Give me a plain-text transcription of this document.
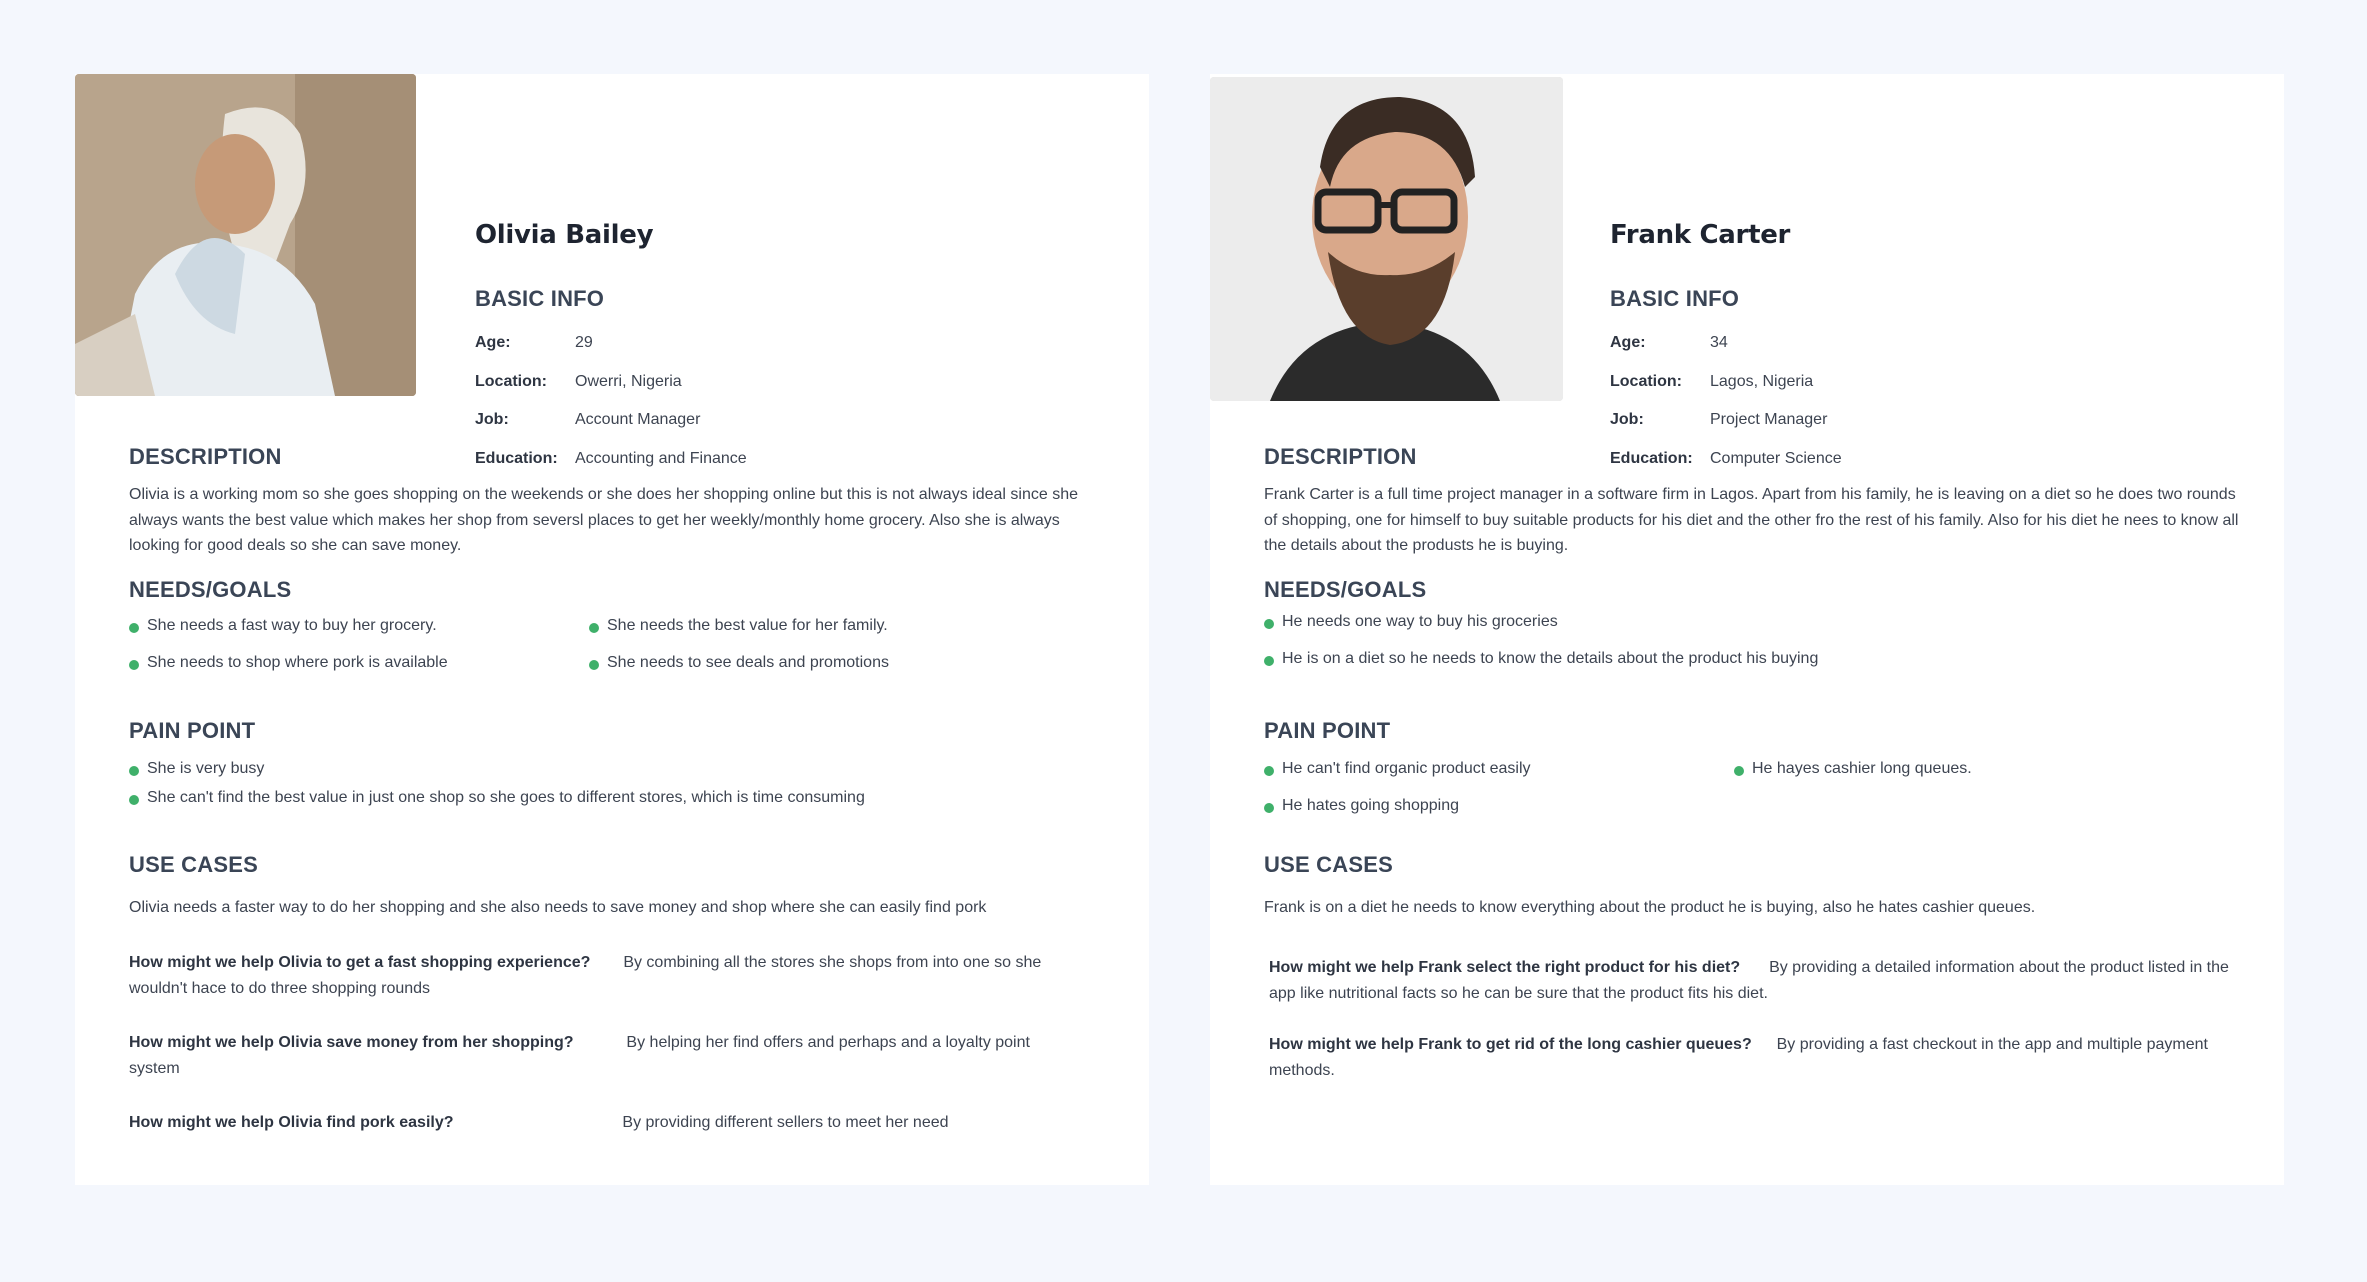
Olivia Bailey
BASIC INFO
Age:	29
Location:	Owerri, Nigeria
Job:	Account Manager
Education:	Accounting and Finance
DESCRIPTION

Olivia is a working mom so she goes shopping on the weekends or she does her shopping online but this is not always ideal since she always wants the best value which makes her shop from seversl places to get her weekly/monthly home grocery. Also she is always looking for good deals so she can save money.

NEEDS/GOALS
She needs a fast way to buy her grocery.	She needs the best value for her family.
She needs to shop where pork is available	She needs to see deals and promotions
PAIN POINT
She is very busy
She can't find the best value in just one shop so she goes to different stores, which is time consuming
USE CASES

Olivia needs a faster way to do her shopping and she also needs to save money and shop where she can easily find pork

How might we help Olivia to get a fast shopping experience? By combining all the stores she shops from into one so she wouldn't hace to do three shopping rounds

How might we help Olivia save money from her shopping?	By helping her find offers and perhaps and a loyalty point system

How might we help Olivia find pork easily?	By providing different sellers to meet her need

Frank Carter
BASIC INFO
Age:	34
Location:	Lagos, Nigeria
Job:	Project Manager
Education:	Computer Science
DESCRIPTION

Frank Carter is a full time project manager in a software firm in Lagos. Apart from his family, he is leaving on a diet so he does two rounds of shopping, one for himself to buy suitable products for his diet and the other fro the rest of his family. Also for his diet he nees to know all the details about the produsts he is buying.

NEEDS/GOALS
He needs one way to buy his groceries
He is on a diet so he needs to know the details about the product his buying
PAIN POINT
He can't find organic product easily	He hayes cashier long queues.
He hates going shopping
USE CASES

Frank is on a diet he needs to know everything about the product he is buying, also he hates cashier queues.

How might we help Frank select the right product for his diet? By providing a detailed information about the product listed in the app like nutritional facts so he can be sure that the product fits his diet.

How might we help Frank to get rid of the long cashier queues? By providing a fast checkout in the app and multiple payment methods.
